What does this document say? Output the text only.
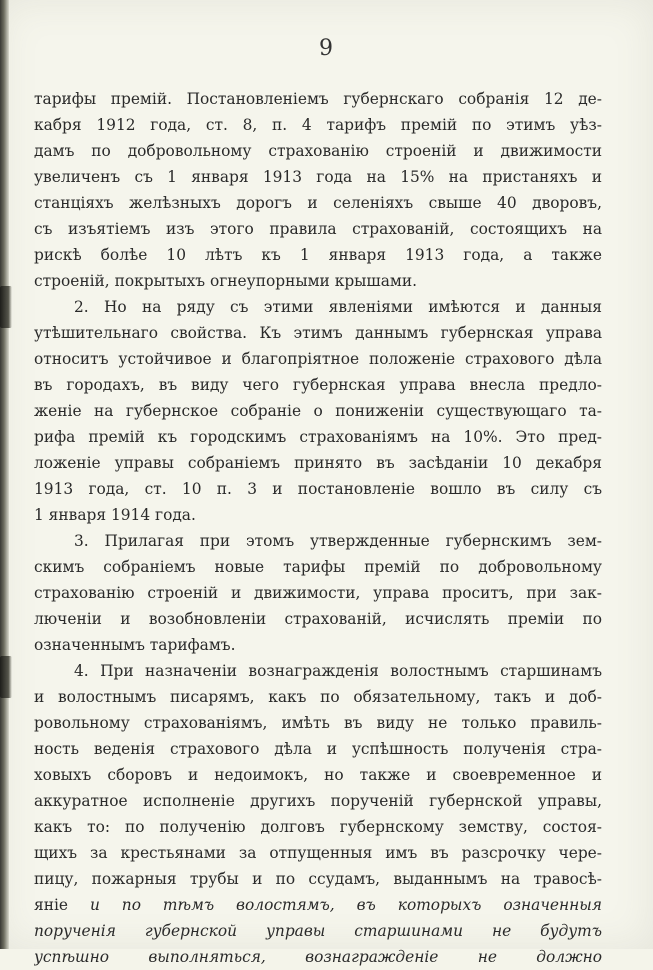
9
тарифы премій. Постановленіемъ губернскаго собранія 12 де-
кабря 1912 года, ст. 8, п. 4 тарифъ премій по этимъ уѣз-
дамъ по добровольному страхованію строеній и движимости
увеличенъ съ 1 января 1913 года на 15% на пристаняхъ и
станціяхъ желѣзныхъ дорогъ и селеніяхъ свыше 40 дворовъ,
съ изъятіемъ изъ этого правила страхованій, состоящихъ на
рискѣ болѣе 10 лѣтъ къ 1 января 1913 года, а также
строеній, покрытыхъ огнеупорными крышами.
2. Но на ряду съ этими явленіями имѣются и данныя
утѣшительнаго свойства. Къ этимъ даннымъ губернская управа
относитъ устойчивое и благопріятное положеніе страхового дѣла
въ городахъ, въ виду чего губернская управа внесла предло-
женіе на губернское собраніе о пониженіи существующаго та-
рифа премій къ городскимъ страхованіямъ на 10%. Это пред-
ложеніе управы собраніемъ принято въ засѣданіи 10 декабря
1913 года, ст. 10 п. 3 и постановленіе вошло въ силу съ
1 января 1914 года.
3. Прилагая при этомъ утвержденные губернскимъ зем-
скимъ собраніемъ новые тарифы премій по добровольному
страхованію строеній и движимости, управа проситъ, при зак-
люченіи и возобновленіи страхованій, исчислять преміи по
означеннымъ тарифамъ.
4. При назначеніи вознагражденія волостнымъ старшинамъ
и волостнымъ писарямъ, какъ по обязательному, такъ и доб-
ровольному страхованіямъ, имѣть въ виду не только правиль-
ность веденія страхового дѣла и успѣшность полученія стра-
ховыхъ сборовъ и недоимокъ, но также и своевременное и
аккуратное исполненіе другихъ порученій губернской управы,
какъ то: по полученію долговъ губернскому земству, состоя-
щихъ за крестьянами за отпущенныя имъ въ разсрочку чере-
пицу, пожарныя трубы и по ссудамъ, выданнымъ на травосѣ-
яніе и по тѣмъ волостямъ, въ которыхъ означенныя
порученія губернской управы старшинами не будутъ
успѣшно выполняться, вознагражденіе не должно
